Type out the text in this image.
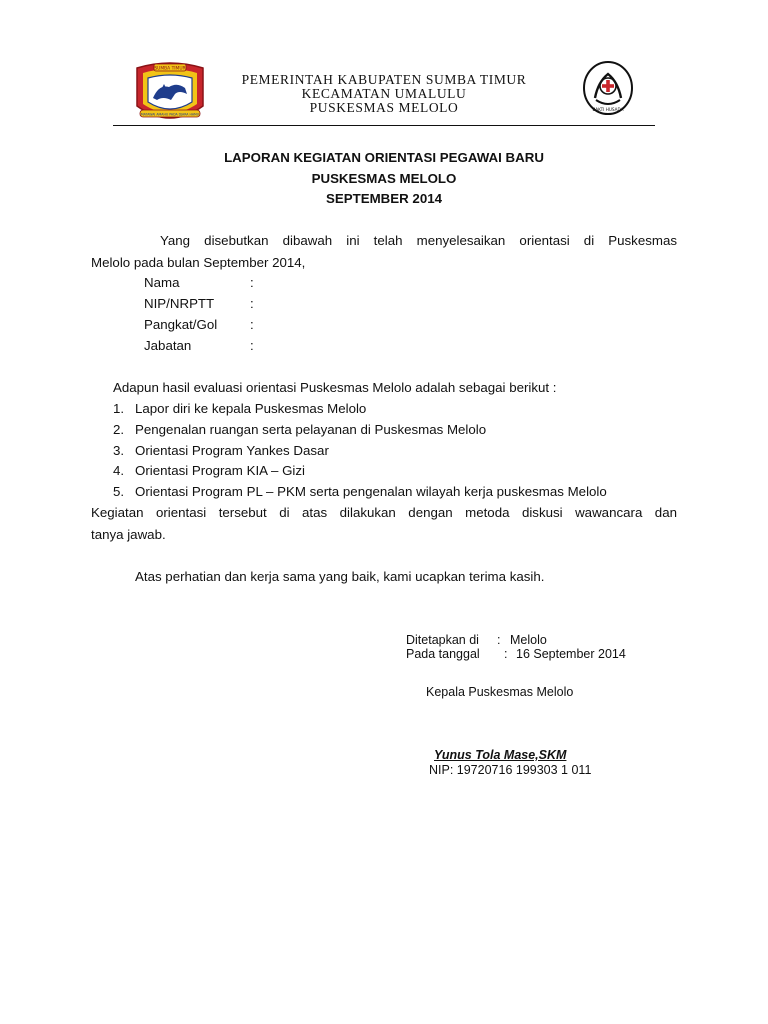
SUMBA TIMUR
MATAWAI AMAHU PADA DJARA HAMU
PEMERINTAH KABUPATEN SUMBA TIMUR
KECAMATAN UMALULU
PUSKESMAS MELOLO	BAKTI HUSADA
LAPORAN KEGIATAN ORIENTASI PEGAWAI BARU
PUSKESMAS MELOLO
SEPTEMBER 2014
Yang disebutkan dibawah ini telah menyelesaikan orientasi di Puskesmas
Melolo pada bulan September 2014,
Nama	:
NIP/NRPTT	:
Pangkat/Gol :
Jabatan	:
Adapun hasil evaluasi orientasi Puskesmas Melolo adalah sebagai berikut :
1. Lapor diri ke kepala Puskesmas Melolo
2. Pengenalan ruangan serta pelayanan di Puskesmas Melolo
3. Orientasi Program Yankes Dasar
4. Orientasi Program KIA – Gizi
5. Orientasi Program PL – PKM serta pengenalan wilayah kerja puskesmas Melolo
Kegiatan orientasi tersebut di atas dilakukan dengan metoda diskusi wawancara dan
tanya jawab.
Atas perhatian dan kerja sama yang baik, kami ucapkan terima kasih.
Ditetapkan di : Melolo
Pada tanggal : 16 September 2014
Kepala Puskesmas Melolo
Yunus Tola Mase,SKM
NIP: 19720716 199303 1 011
